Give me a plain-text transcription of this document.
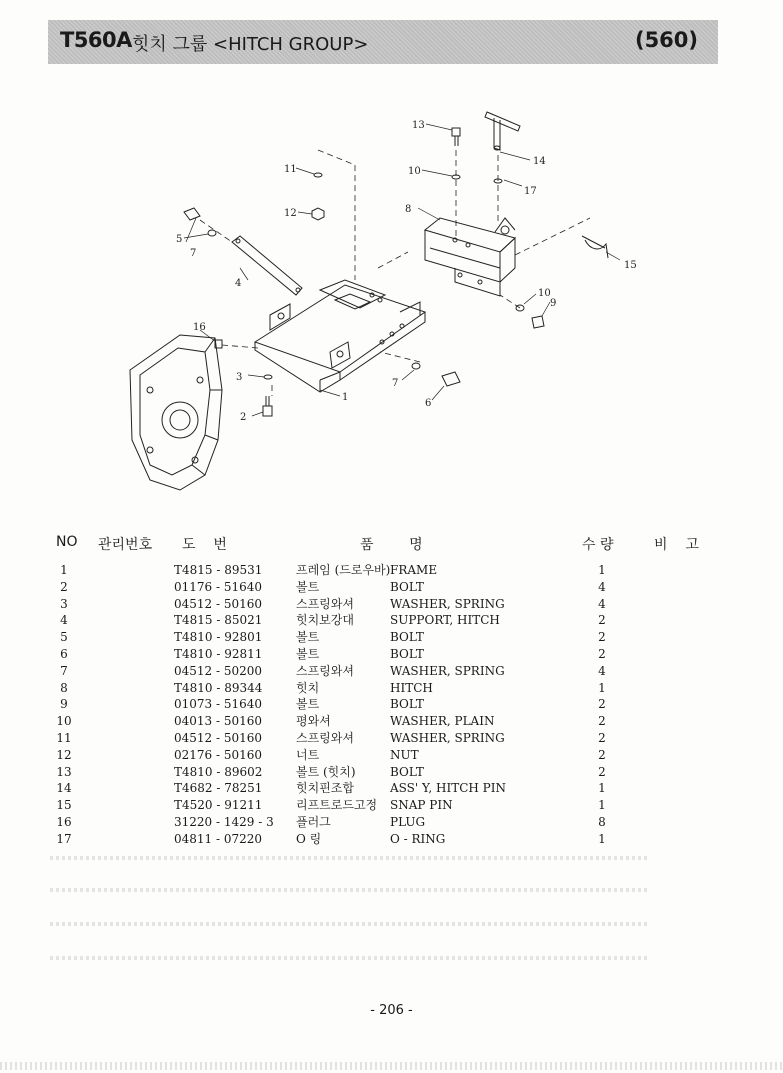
T560A 힛치 그룹 <HITCH GROUP>	(560)
13
10
11
12	8
14
17
5
7
15
4
16
1
3
2
7
6
10
9
NO 관리번호 도    번	품        명	수 량	비    고
1	T4815 - 89531	프레임 (드로우바) FRAME	1
2	01176 - 51640	볼트	BOLT	4
3	04512 - 50160	스프링와셔	WASHER, SPRING	4
4	T4815 - 85021	힛치보강대	SUPPORT, HITCH	2
5	T4810 - 92801	볼트	BOLT	2
6	T4810 - 92811	볼트	BOLT	2
7	04512 - 50200	스프링와셔	WASHER, SPRING	4
8	T4810 - 89344	힛치	HITCH	1
9	01073 - 51640	볼트	BOLT	2
10	04013 - 50160	평와셔	WASHER, PLAIN	2
11	04512 - 50160	스프링와셔	WASHER, SPRING	2
12	02176 - 50160	너트	NUT	2
13	T4810 - 89602	볼트 (힛치)	BOLT	2
14	T4682 - 78251	힛치핀조합	ASS' Y, HITCH PIN	1
15	T4520 - 91211	리프트로드고정 SNAP PIN	1
16	31220 - 1429 - 3 플러그	PLUG	8
17	04811 - 07220	O 링	O - RING	1
- 206 -
